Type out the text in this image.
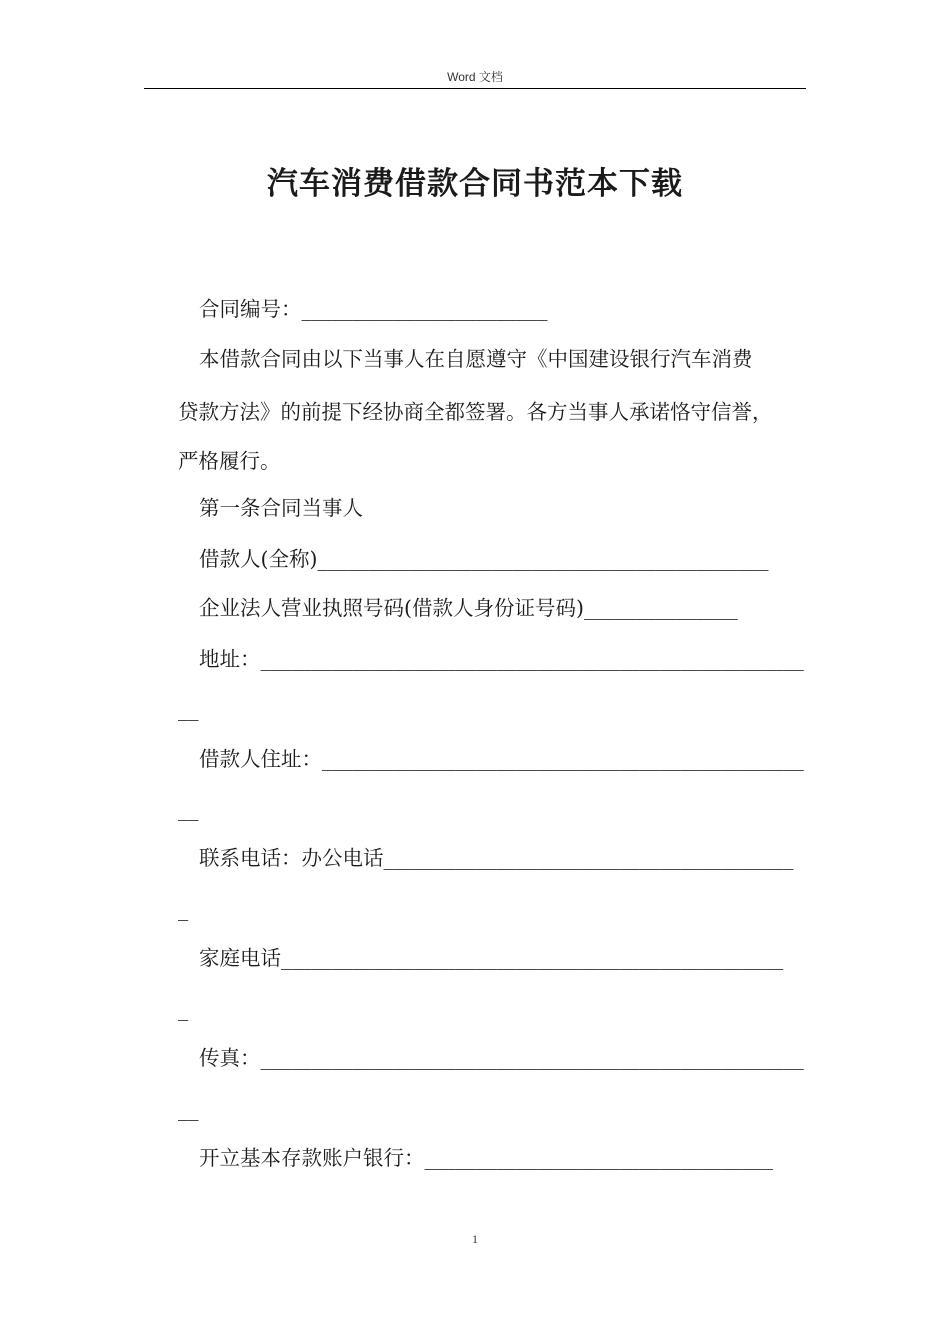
Word 文档
汽车消费借款合同书范本下载
合同编号：________________________
本借款合同由以下当事人在自愿遵守《中国建设银行汽车消费
贷款方法》的前提下经协商全都签署。各方当事人承诺恪守信誉，
严格履行。
第一条合同当事人
借款人(全称)____________________________________________
企业法人营业执照号码(借款人身份证号码)_______________
地址：_____________________________________________________
__
借款人住址：_______________________________________________
__
联系电话：办公电话________________________________________
_
家庭电话_________________________________________________
_
传真：_____________________________________________________
__
开立基本存款账户银行：__________________________________
1
